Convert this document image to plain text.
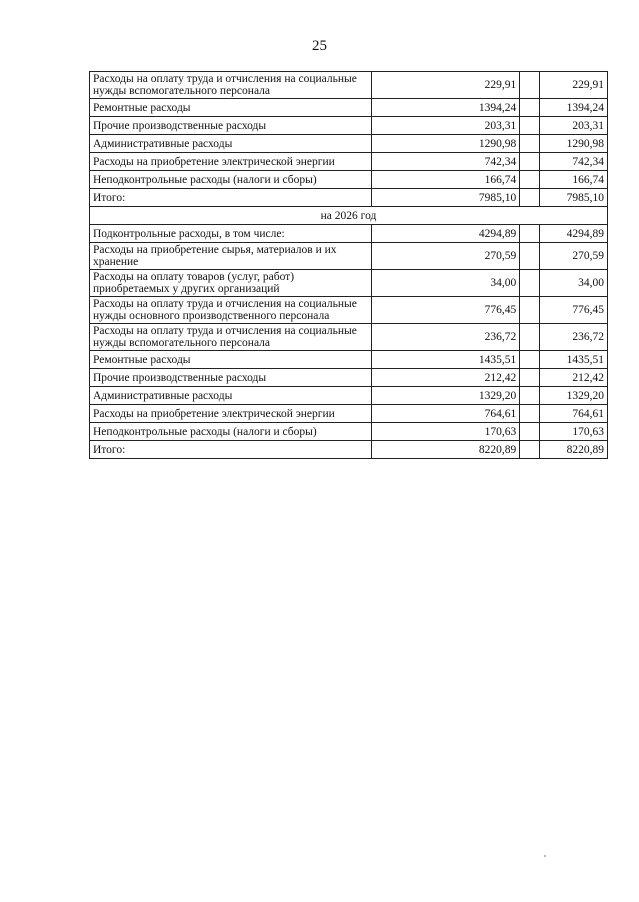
25
Расходы на оплату труда и отчисления на социальные нужды вспомогательного персонала	229,91		229,91
Ремонтные расходы	1394,24		1394,24
Прочие производственные расходы	203,31		203,31
Административные расходы	1290,98		1290,98
Расходы на приобретение электрической энергии	742,34		742,34
Неподконтрольные расходы (налоги и сборы)	166,74		166,74
Итого:	7985,10		7985,10
на 2026 год			
Подконтрольные расходы, в том числе:	4294,89		4294,89
Расходы на приобретение сырья, материалов и их хранение	270,59		270,59
Расходы на оплату товаров (услуг, работ) приобретаемых у других организаций	34,00		34,00
Расходы на оплату труда и отчисления на социальные нужды основного производственного персонала	776,45		776,45
Расходы на оплату труда и отчисления на социальные нужды вспомогательного персонала	236,72		236,72
Ремонтные расходы	1435,51		1435,51
Прочие производственные расходы	212,42		212,42
Административные расходы	1329,20		1329,20
Расходы на приобретение электрической энергии	764,61		764,61
Неподконтрольные расходы (налоги и сборы)	170,63		170,63
Итого:	8220,89		8220,89
